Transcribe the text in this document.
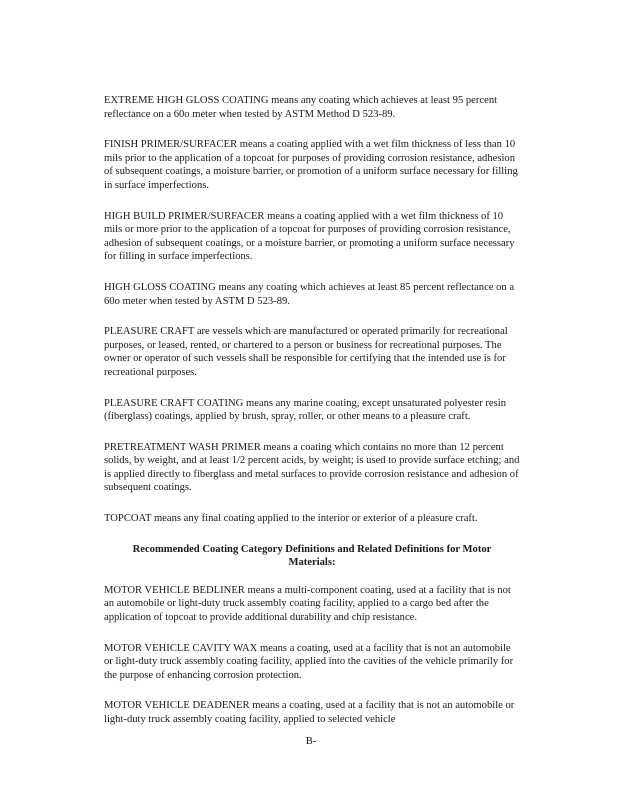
EXTREME HIGH GLOSS COATING means any coating which achieves at least 95 percent reflectance on a 60o meter when tested by ASTM Method D 523-89.

FINISH PRIMER/SURFACER means a coating applied with a wet film thickness of less than 10 mils prior to the application of a topcoat for purposes of providing corrosion resistance, adhesion of subsequent coatings, a moisture barrier, or promotion of a uniform surface necessary for filling in surface imperfections.

HIGH BUILD PRIMER/SURFACER means a coating applied with a wet film thickness of 10 mils or more prior to the application of a topcoat for purposes of providing corrosion resistance, adhesion of subsequent coatings, or a moisture barrier, or promoting a uniform surface necessary for filling in surface imperfections.

HIGH GLOSS COATING means any coating which achieves at least 85 percent reflectance on a 60o meter when tested by ASTM D 523-89.

PLEASURE CRAFT are vessels which are manufactured or operated primarily for recreational purposes, or leased, rented, or chartered to a person or business for recreational purposes. The owner or operator of such vessels shall be responsible for certifying that the intended use is for recreational purposes.

PLEASURE CRAFT COATING means any marine coating, except unsaturated polyester resin (fiberglass) coatings, applied by brush, spray, roller, or other means to a pleasure craft.

PRETREATMENT WASH PRIMER means a coating which contains no more than 12 percent solids, by weight, and at least 1/2 percent acids, by weight; is used to provide surface etching; and is applied directly to fiberglass and metal surfaces to provide corrosion resistance and adhesion of subsequent coatings.

TOPCOAT means any final coating applied to the interior or exterior of a pleasure craft.

Recommended Coating Category Definitions and Related Definitions for Motor
Materials:

MOTOR VEHICLE BEDLINER means a multi-component coating, used at a facility that is not an automobile or light-duty truck assembly coating facility, applied to a cargo bed after the application of topcoat to provide additional durability and chip resistance.

MOTOR VEHICLE CAVITY WAX means a coating, used at a facility that is not an automobile or light-duty truck assembly coating facility, applied into the cavities of the vehicle primarily for the purpose of enhancing corrosion protection.

MOTOR VEHICLE DEADENER means a coating, used at a facility that is not an automobile or light-duty truck assembly coating facility, applied to selected vehicle

B-
